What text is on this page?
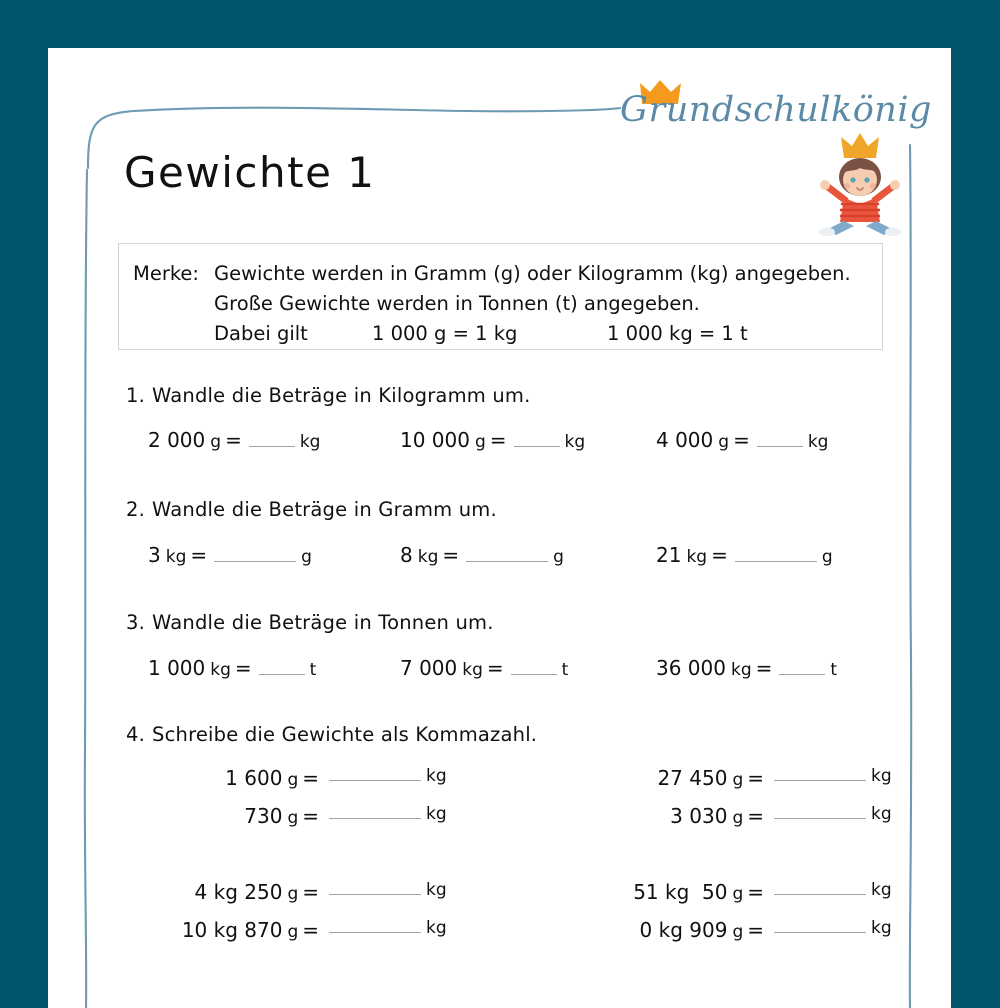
Grundschulkönig
Gewichte 1
Merke: Gewichte werden in Gramm (g) oder Kilogramm (kg) angegeben.
Große Gewichte werden in Tonnen (t) angegeben.
Dabei gilt	1 000 g = 1 kg	1 000 kg = 1 t
1. Wandle die Beträge in Kilogramm um.
2 000 g =	kg	10 000 g =	kg	4 000 g =	kg
2. Wandle die Beträge in Gramm um.
3 kg =	g	8 kg =	g	21 kg =	g
3. Wandle die Beträge in Tonnen um.
1 000 kg =	t	7 000 kg =	t	36 000 kg =	t
4. Schreibe die Gewichte als Kommazahl.
1 600 g =	kg	27 450 g =	kg
730 g =	kg	3 030 g =	kg
4 kg 250 g =	kg	51 kg  50 g =	kg
10 kg 870 g =	kg	0 kg 909 g =	kg
